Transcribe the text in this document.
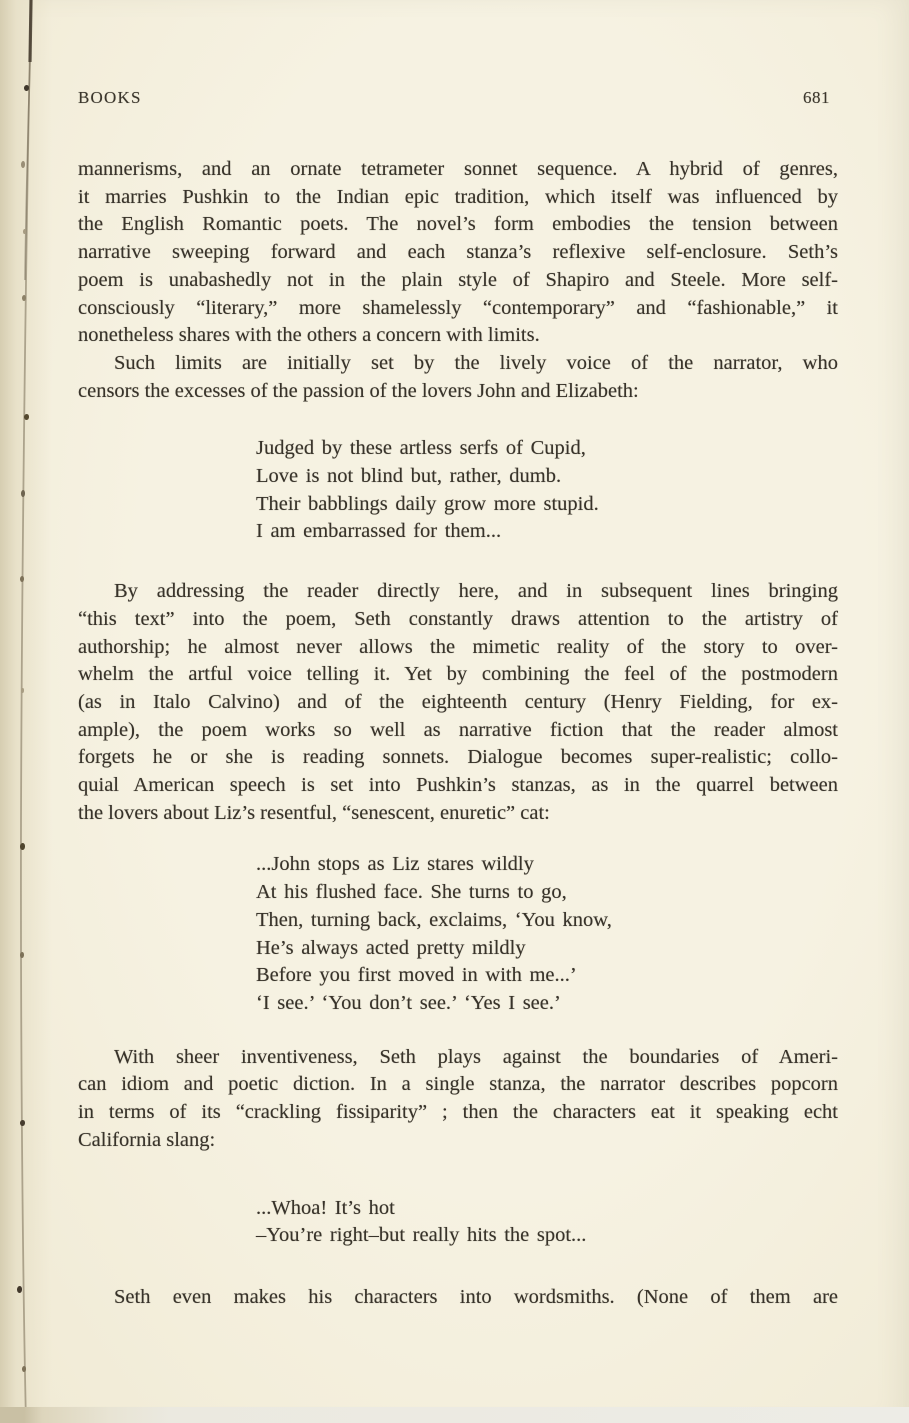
BOOKS	681
mannerisms, and an ornate tetrameter sonnet sequence. A hybrid of genres,
it marries Pushkin to the Indian epic tradition, which itself was influenced by
the English Romantic poets. The novel’s form embodies the tension between
narrative sweeping forward and each stanza’s reflexive self-enclosure. Seth’s
poem is unabashedly not in the plain style of Shapiro and Steele. More self-
consciously “literary,” more shamelessly “contemporary” and “fashionable,” it
nonetheless shares with the others a concern with limits.
Such limits are initially set by the lively voice of the narrator, who
censors the excesses of the passion of the lovers John and Elizabeth:
Judged by these artless serfs of Cupid,
Love is not blind but, rather, dumb.
Their babblings daily grow more stupid.
I am embarrassed for them...
By addressing the reader directly here, and in subsequent lines bringing
“this text” into the poem, Seth constantly draws attention to the artistry of
authorship; he almost never allows the mimetic reality of the story to over-
whelm the artful voice telling it. Yet by combining the feel of the postmodern
(as in Italo Calvino) and of the eighteenth century (Henry Fielding, for ex-
ample), the poem works so well as narrative fiction that the reader almost
forgets he or she is reading sonnets. Dialogue becomes super-realistic; collo-
quial American speech is set into Pushkin’s stanzas, as in the quarrel between
the lovers about Liz’s resentful, “senescent, enuretic” cat:
...John stops as Liz stares wildly
At his flushed face. She turns to go,
Then, turning back, exclaims, ‘You know,
He’s always acted pretty mildly
Before you first moved in with me...’
‘I see.’ ‘You don’t see.’ ‘Yes I see.’
With sheer inventiveness, Seth plays against the boundaries of Ameri-
can idiom and poetic diction. In a single stanza, the narrator describes popcorn
in terms of its “crackling fissiparity” ; then the characters eat it speaking echt
California slang:
...Whoa! It’s hot
–You’re right–but really hits the spot...
Seth even makes his characters into wordsmiths. (None of them are
